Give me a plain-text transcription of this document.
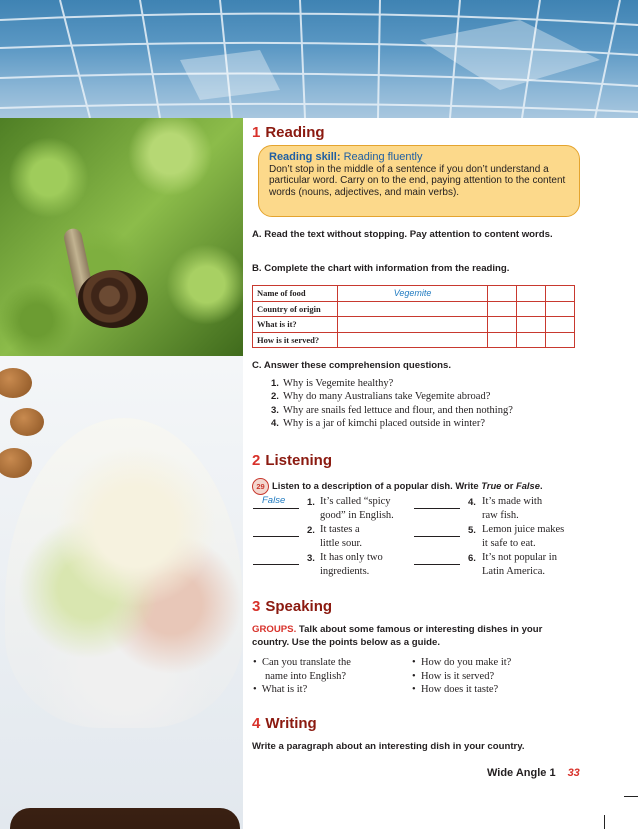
1 Reading
Reading skill: Reading fluently
Don’t stop in the middle of a sentence if you don’t understand a particular word. Carry on to the end, paying attention to the content words (nouns, adjectives, and main verbs).
A. Read the text without stopping. Pay attention to content words.
B. Complete the chart with information from the reading.
Name of food	Vegemite			
Country of origin				
What is it?				
How is it served?				
C. Answer these comprehension questions.
1. Why is Vegemite healthy?
2. Why do many Australians take Vegemite abroad?
3. Why are snails fed lettuce and flour, and then nothing?
4. Why is a jar of kimchi placed outside in winter?
2 Listening
29 Listen to a description of a popular dish. Write True or False.
False 1. It’s called “spicy
good” in English.
2. It tastes a
little sour.
3. It has only two
ingredients.
4. It’s made with
raw fish.
5. Lemon juice makes
it safe to eat.
6. It’s not popular in
Latin America.
3 Speaking
GROUPS. Talk about some famous or interesting dishes in your country. Use the points below as a guide.
•  Can you translate the
name into English?
•  What is it?
•  How do you make it?
•  How is it served?
•  How does it taste?
4 Writing
Write a paragraph about an interesting dish in your country.
Wide Angle 1 33
